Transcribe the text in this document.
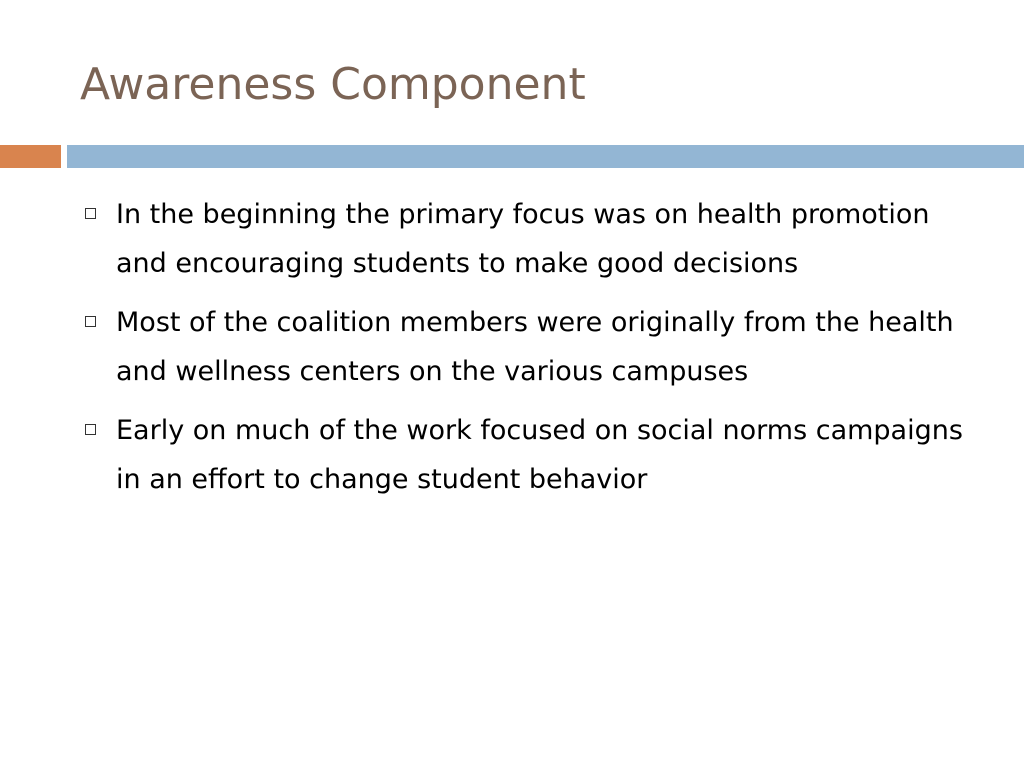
Awareness Component
In the beginning the primary focus was on health promotion and encouraging students to make good decisions
Most of the coalition members were originally from the health and wellness centers on the various campuses
Early on much of the work focused on social norms campaigns in an effort to change student behavior
